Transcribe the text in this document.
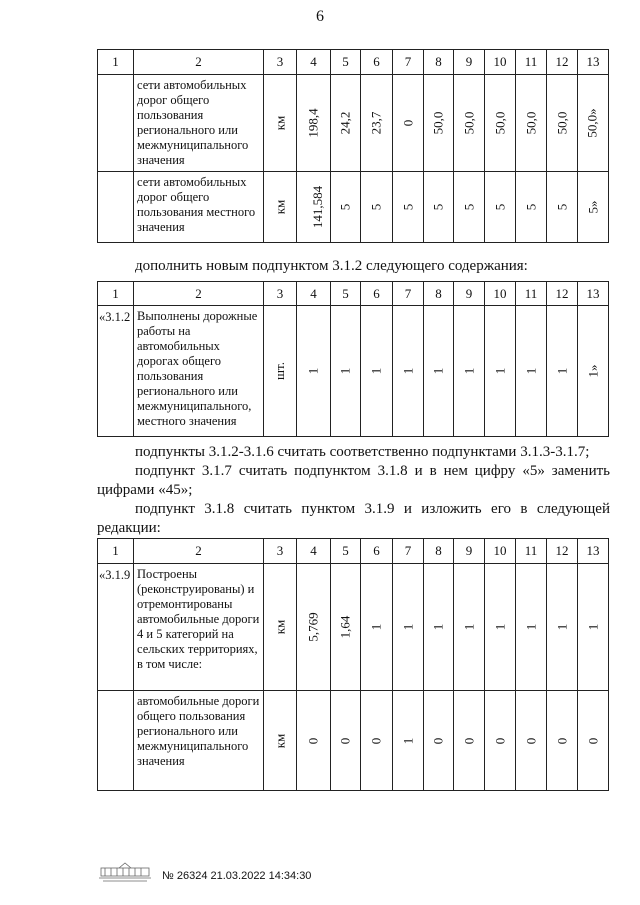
6
1	2	3	4	5	6	7	8	9	10	11	12	13
	сети автомобильных дорог общего пользования регионального или межмуниципального значения	км	198,4	24,2	23,7	0	50,0	50,0	50,0	50,0	50,0	50,0»
	сети автомобильных дорог общего пользования местного значения	км	141,584	5	5	5	5	5	5	5	5	5»

дополнить новым подпунктом 3.1.2 следующего содержания:

1	2	3	4	5	6	7	8	9	10	11	12	13
«3.1.2	Выполнены дорожные работы на автомобильных дорогах общего пользования регионального или межмуниципального, местного значения	шт.	1	1	1	1	1	1	1	1	1	1»

подпункты 3.1.2-3.1.6 считать соответственно подпунктами 3.1.3-3.1.7;

подпункт 3.1.7 считать подпунктом 3.1.8 и в нем цифру «5» заменить цифрами «45»;

подпункт 3.1.8 считать пунктом 3.1.9 и изложить его в следующей редакции:

1	2	3	4	5	6	7	8	9	10	11	12	13
«3.1.9	Построены (реконструированы) и отремонтированы автомобильные дороги 4 и 5 категорий на сельских территориях, в том числе:	км	5,769	1,64	1	1	1	1	1	1	1	1
	автомобильные дороги общего пользования регионального или межмуниципального значения	км	0	0	0	1	0	0	0	0	0	0
№ 26324 21.03.2022 14:34:30
